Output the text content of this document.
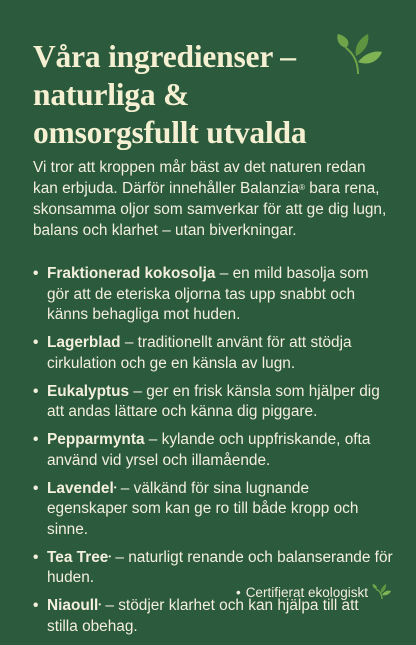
Våra ingredienser – naturliga & omsorgsfullt utvalda

Vi tror att kroppen mår bäst av det naturen redan kan erbjuda. Därför innehåller Balanzia® bara rena, skonsamma oljor som samverkar för att ge dig lugn, balans och klarhet – utan biverkningar.

• Fraktionerad kokosolja – en mild basolja som gör att de eteriska oljorna tas upp snabbt och känns behagliga mot huden.
• Lagerblad – traditionellt använt för att stödja cirkulation och ge en känsla av lugn.
• Eukalyptus – ger en frisk känsla som hjälper dig att andas lättare och känna dig piggare.
• Pepparmynta – kylande och uppfriskande, ofta använd vid yrsel och illamående.
• Lavendel• – välkänd för sina lugnande egenskaper som kan ge ro till både kropp och sinne.
• Tea Tree• – naturligt renande och balanserande för huden.
• Niaoull• – stödjer klarhet och kan hjälpa till att stilla obehag.
• Certifierat ekologiskt
